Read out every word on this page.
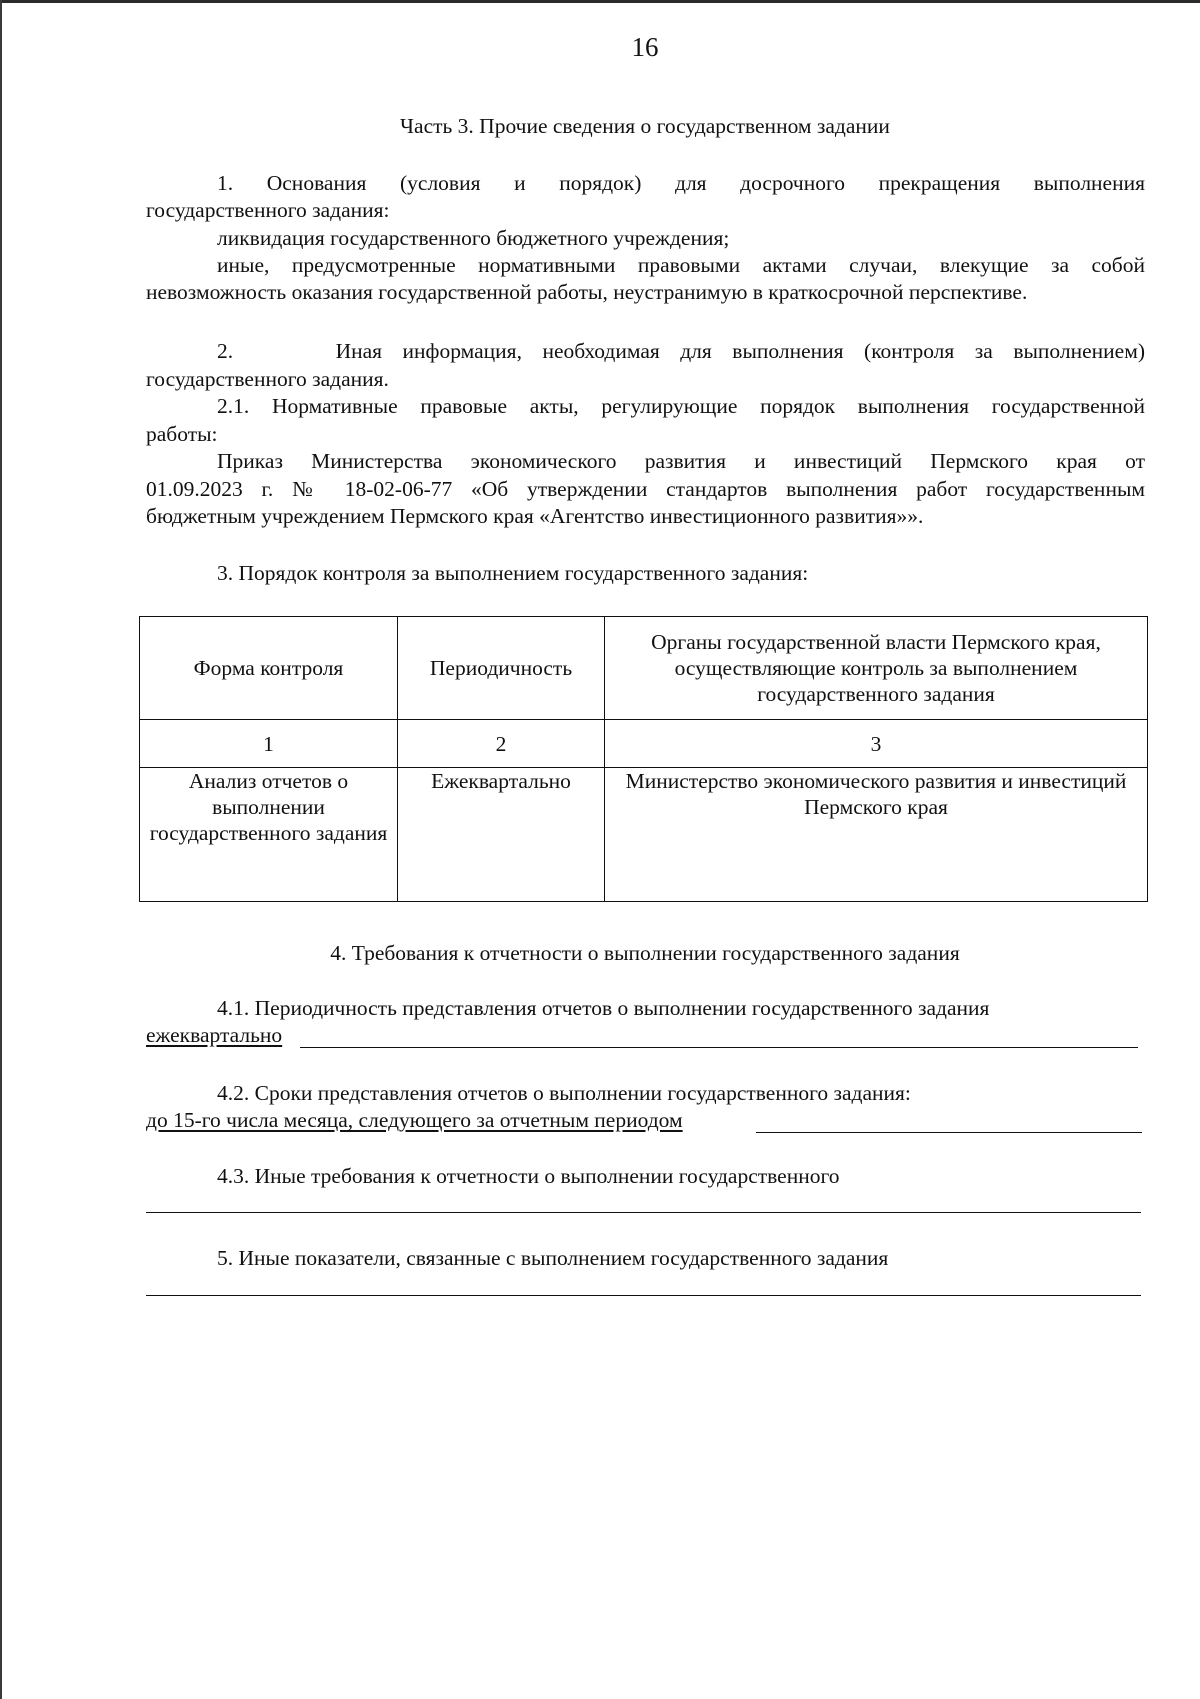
16
Часть 3. Прочие сведения о государственном задании
1. Основания (условия и порядок) для досрочного прекращения выполнения
государственного задания:
ликвидация государственного бюджетного учреждения;
иные, предусмотренные нормативными правовыми актами случаи, влекущие за собой
невозможность оказания государственной работы, неустранимую в краткосрочной перспективе.
2.     Иная информация, необходимая для выполнения (контроля за выполнением)
государственного задания.
2.1. Нормативные правовые акты, регулирующие порядок выполнения государственной
работы:
Приказ Министерства экономического развития и инвестиций Пермского края от
01.09.2023 г. № 18-02-06-77 «Об утверждении стандартов выполнения работ государственным
бюджетным учреждением Пермского края «Агентство инвестиционного развития»».
3. Порядок контроля за выполнением государственного задания:
Форма контроля	Периодичность	Органы государственной власти Пермского края, осуществляющие контроль за выполнением государственного задания
1	2	3
Анализ отчетов о выполнении государственного задания	Ежеквартально	Министерство экономического развития и инвестиций Пермского края
4. Требования к отчетности о выполнении государственного задания
4.1. Периодичность представления отчетов о выполнении государственного задания
ежеквартально
4.2. Сроки представления отчетов о выполнении государственного задания:
до 15-го числа месяца, следующего за отчетным периодом
4.3. Иные требования к отчетности о выполнении государственного
5. Иные показатели, связанные с выполнением государственного задания
